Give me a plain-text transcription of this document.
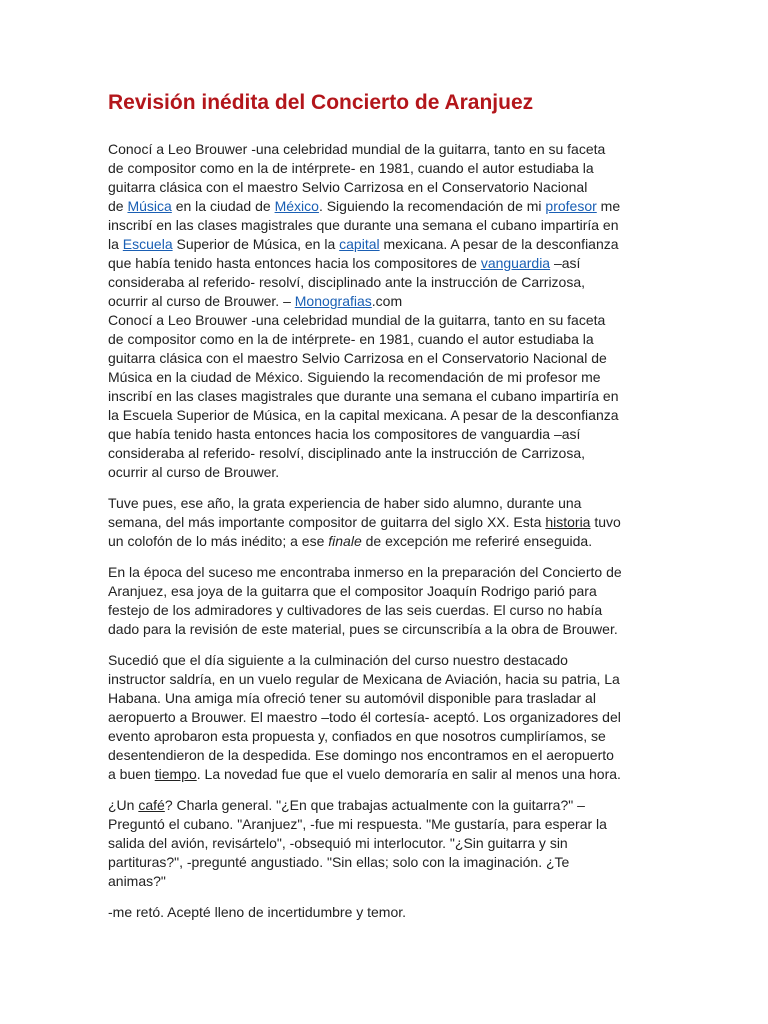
Revisión inédita del Concierto de Aranjuez
Conocí a Leo Brouwer -una celebridad mundial de la guitarra, tanto en su faceta
de compositor como en la de intérprete- en 1981, cuando el autor estudiaba la
guitarra clásica con el maestro Selvio Carrizosa en el Conservatorio Nacional
de Música en la ciudad de México. Siguiendo la recomendación de mi profesor me
inscribí en las clases magistrales que durante una semana el cubano impartiría en
la Escuela Superior de Música, en la capital mexicana. A pesar de la desconfianza
que había tenido hasta entonces hacia los compositores de vanguardia –así
consideraba al referido- resolví, disciplinado ante la instrucción de Carrizosa,
ocurrir al curso de Brouwer. – Monografias.com
Conocí a Leo Brouwer -una celebridad mundial de la guitarra, tanto en su faceta
de compositor como en la de intérprete- en 1981, cuando el autor estudiaba la
guitarra clásica con el maestro Selvio Carrizosa en el Conservatorio Nacional de
Música en la ciudad de México. Siguiendo la recomendación de mi profesor me
inscribí en las clases magistrales que durante una semana el cubano impartiría en
la Escuela Superior de Música, en la capital mexicana. A pesar de la desconfianza
que había tenido hasta entonces hacia los compositores de vanguardia –así
consideraba al referido- resolví, disciplinado ante la instrucción de Carrizosa,
ocurrir al curso de Brouwer.
Tuve pues, ese año, la grata experiencia de haber sido alumno, durante una
semana, del más importante compositor de guitarra del siglo XX. Esta historia tuvo
un colofón de lo más inédito; a ese finale de excepción me referiré enseguida.
En la época del suceso me encontraba inmerso en la preparación del Concierto de
Aranjuez, esa joya de la guitarra que el compositor Joaquín Rodrigo parió para
festejo de los admiradores y cultivadores de las seis cuerdas. El curso no había
dado para la revisión de este material, pues se circunscribía a la obra de Brouwer.
Sucedió que el día siguiente a la culminación del curso nuestro destacado
instructor saldría, en un vuelo regular de Mexicana de Aviación, hacia su patria, La
Habana. Una amiga mía ofreció tener su automóvil disponible para trasladar al
aeropuerto a Brouwer. El maestro –todo él cortesía- aceptó. Los organizadores del
evento aprobaron esta propuesta y, confiados en que nosotros cumpliríamos, se
desentendieron de la despedida. Ese domingo nos encontramos en el aeropuerto
a buen tiempo. La novedad fue que el vuelo demoraría en salir al menos una hora.
¿Un café? Charla general. "¿En que trabajas actualmente con la guitarra?" –
Preguntó el cubano. "Aranjuez", -fue mi respuesta. "Me gustaría, para esperar la
salida del avión, revisártelo", -obsequió mi interlocutor. "¿Sin guitarra y sin
partituras?", -pregunté angustiado. "Sin ellas; solo con la imaginación. ¿Te
animas?"
-me retó. Acepté lleno de incertidumbre y temor.
